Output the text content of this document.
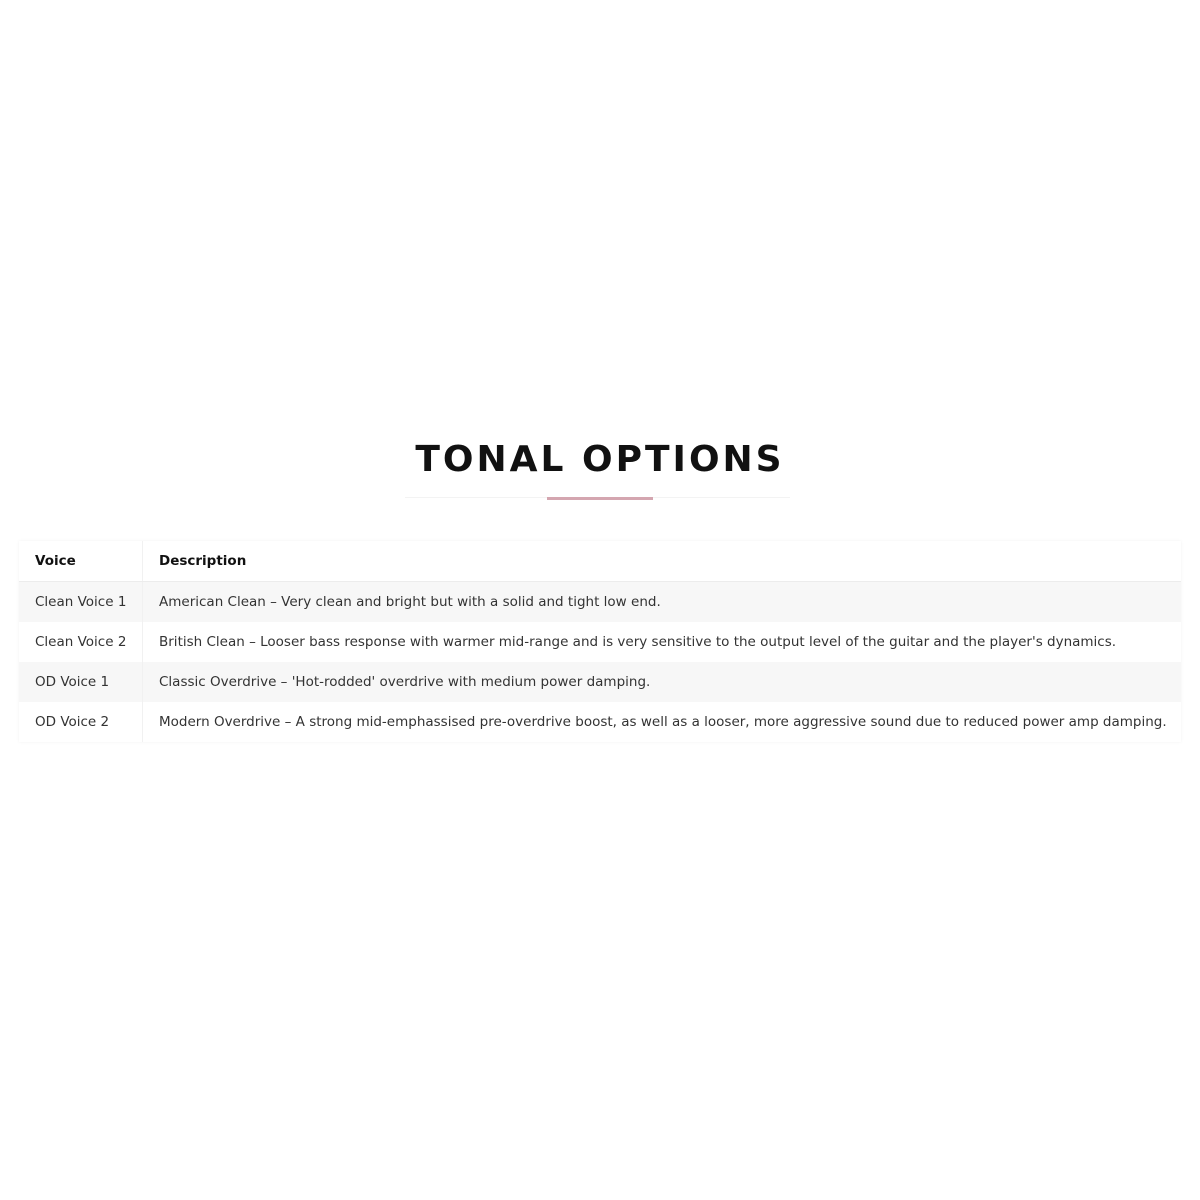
TONAL OPTIONS
Voice	Description
Clean Voice 1	American Clean – Very clean and bright but with a solid and tight low end.
Clean Voice 2	British Clean – Looser bass response with warmer mid-range and is very sensitive to the output level of the guitar and the player's dynamics.
OD Voice 1	Classic Overdrive – 'Hot-rodded' overdrive with medium power damping.
OD Voice 2	Modern Overdrive – A strong mid-emphassised pre-overdrive boost, as well as a looser, more aggressive sound due to reduced power amp damping.
